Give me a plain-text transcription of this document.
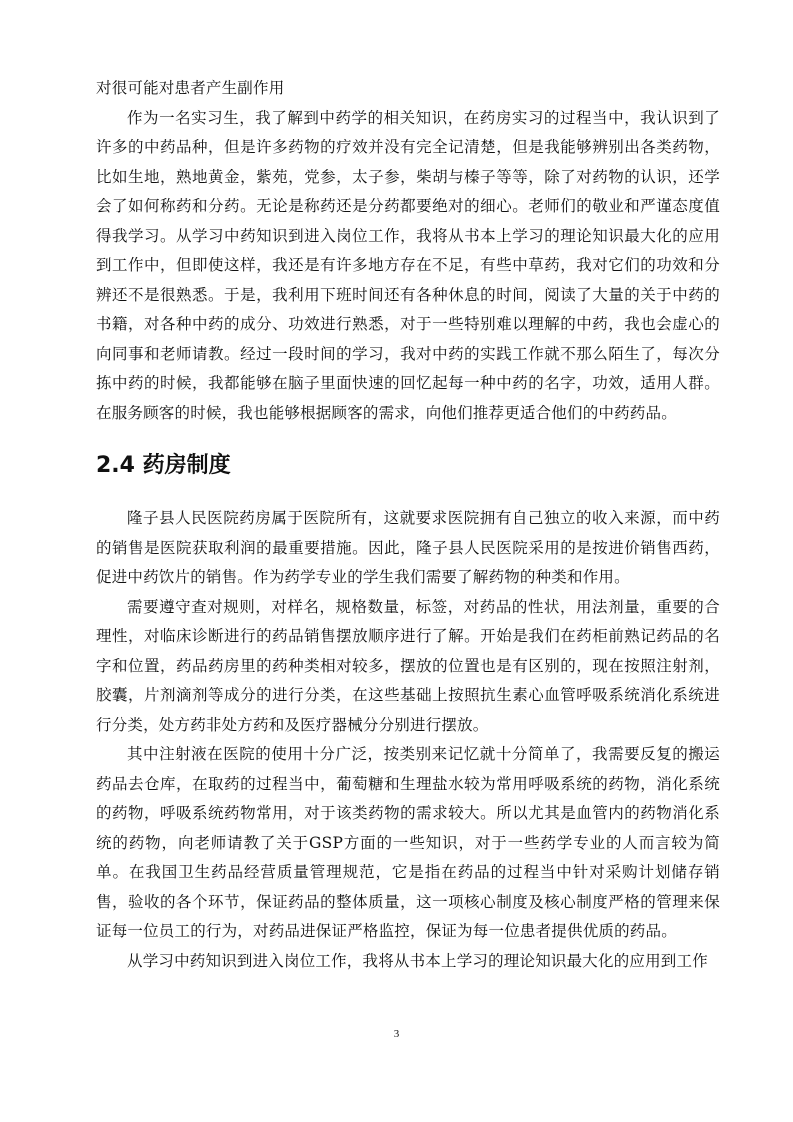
对很可能对患者产生副作用

作为一名实习生，我了解到中药学的相关知识，在药房实习的过程当中，我认识到了许多的中药品种，但是许多药物的疗效并没有完全记清楚，但是我能够辨别出各类药物，比如生地，熟地黄金，紫苑，党参，太子参，柴胡与榛子等等，除了对药物的认识，还学会了如何称药和分药。无论是称药还是分药都要绝对的细心。老师们的敬业和严谨态度值得我学习。从学习中药知识到进入岗位工作，我将从书本上学习的理论知识最大化的应用到工作中，但即使这样，我还是有许多地方存在不足，有些中草药，我对它们的功效和分辨还不是很熟悉。于是，我利用下班时间还有各种休息的时间，阅读了大量的关于中药的书籍，对各种中药的成分、功效进行熟悉，对于一些特别难以理解的中药，我也会虚心的向同事和老师请教。经过一段时间的学习，我对中药的实践工作就不那么陌生了，每次分拣中药的时候，我都能够在脑子里面快速的回忆起每一种中药的名字，功效，适用人群。在服务顾客的时候，我也能够根据顾客的需求，向他们推荐更适合他们的中药药品。

2.4 药房制度

隆子县人民医院药房属于医院所有，这就要求医院拥有自己独立的收入来源，而中药的销售是医院获取利润的最重要措施。因此，隆子县人民医院采用的是按进价销售西药，促进中药饮片的销售。作为药学专业的学生我们需要了解药物的种类和作用。

需要遵守查对规则，对样名，规格数量，标签，对药品的性状，用法剂量，重要的合理性，对临床诊断进行的药品销售摆放顺序进行了解。开始是我们在药柜前熟记药品的名字和位置，药品药房里的药种类相对较多，摆放的位置也是有区别的，现在按照注射剂，胶囊，片剂滴剂等成分的进行分类，在这些基础上按照抗生素心血管呼吸系统消化系统进行分类，处方药非处方药和及医疗器械分分别进行摆放。

其中注射液在医院的使用十分广泛，按类别来记忆就十分简单了，我需要反复的搬运药品去仓库，在取药的过程当中，葡萄糖和生理盐水较为常用呼吸系统的药物，消化系统的药物，呼吸系统药物常用，对于该类药物的需求较大。所以尤其是血管内的药物消化系统的药物，向老师请教了关于GSP方面的一些知识，对于一些药学专业的人而言较为简单。在我国卫生药品经营质量管理规范，它是指在药品的过程当中针对采购计划储存销售，验收的各个环节，保证药品的整体质量，这一项核心制度及核心制度严格的管理来保证每一位员工的行为，对药品进保证严格监控，保证为每一位患者提供优质的药品。

从学习中药知识到进入岗位工作，我将从书本上学习的理论知识最大化的应用到工作

3
